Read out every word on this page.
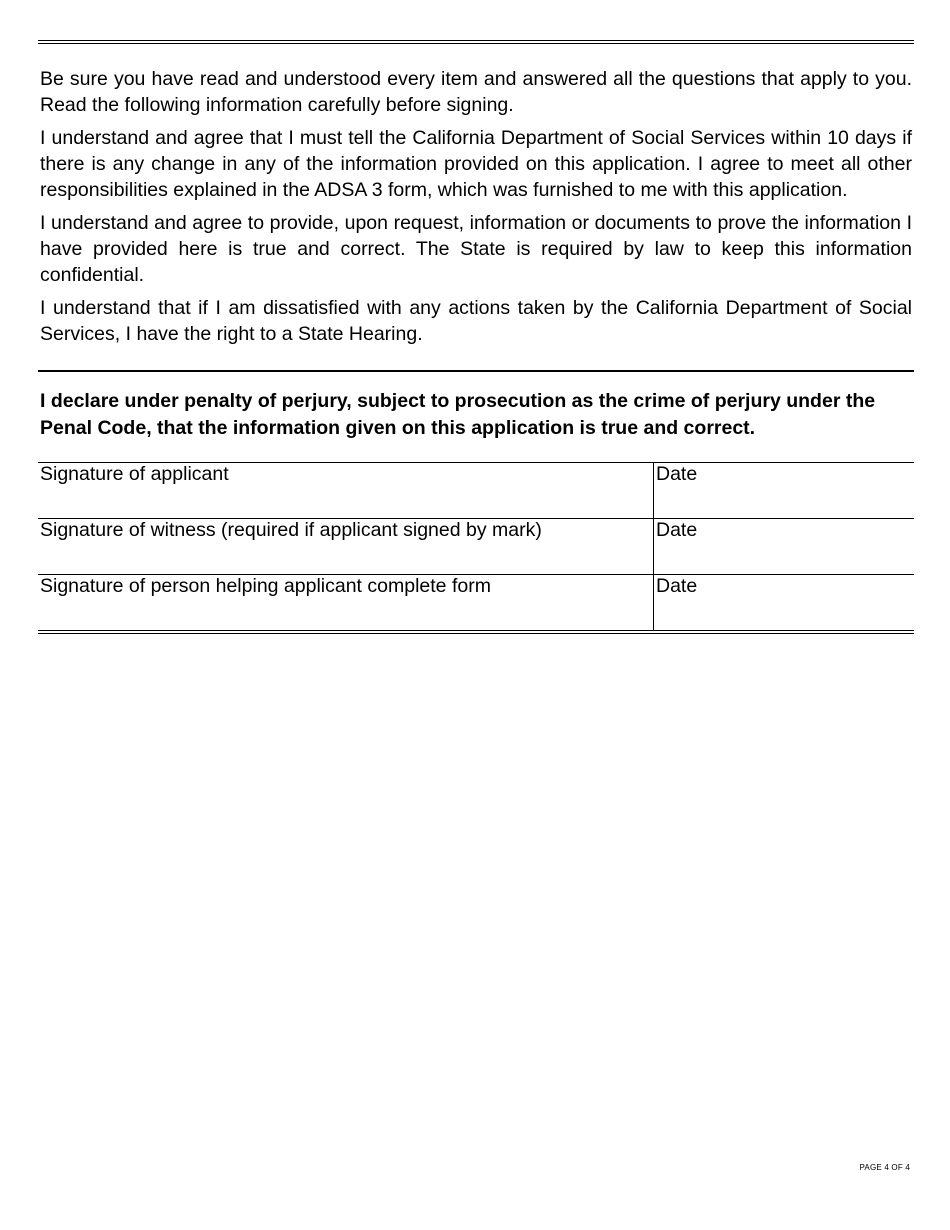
Be sure you have read and understood every item and answered all the questions that apply to you. Read the following information carefully before signing.

I understand and agree that I must tell the California Department of Social Services within 10 days if there is any change in any of the information provided on this application. I agree to meet all other responsibilities explained in the ADSA 3 form, which was furnished to me with this application.

I understand and agree to provide, upon request, information or documents to prove the information I have provided here is true and correct. The State is required by law to keep this information confidential.

I understand that if I am dissatisfied with any actions taken by the California Department of Social Services, I have the right to a State Hearing.

I declare under penalty of perjury, subject to prosecution as the crime of perjury under the Penal Code, that the information given on this application is true and correct.
Signature of applicant	Date
Signature of witness (required if applicant signed by mark)	Date
Signature of person helping applicant complete form	Date
PAGE 4 OF 4
